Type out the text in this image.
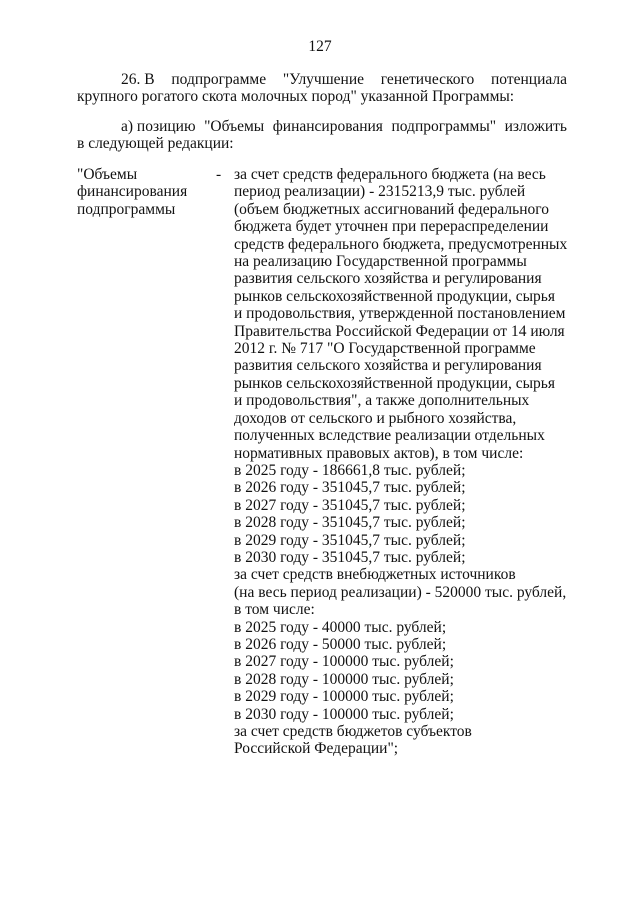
127
26. В подпрограмме "Улучшение генетического потенциала
крупного рогатого скота молочных пород" указанной Программы:
а) позицию "Объемы финансирования подпрограммы" изложить
в следующей редакции:
"Объемы
финансирования
подпрограммы
- за счет средств федерального бюджета (на весь
период реализации) - 2315213,9 тыс. рублей
(объем бюджетных ассигнований федерального
бюджета будет уточнен при перераспределении
средств федерального бюджета, предусмотренных
на реализацию Государственной программы
развития сельского хозяйства и регулирования
рынков сельскохозяйственной продукции, сырья
и продовольствия, утвержденной постановлением
Правительства Российской Федерации от 14 июля
2012 г. № 717 "О Государственной программе
развития сельского хозяйства и регулирования
рынков сельскохозяйственной продукции, сырья
и продовольствия", а также дополнительных
доходов от сельского и рыбного хозяйства,
полученных вследствие реализации отдельных
нормативных правовых актов), в том числе:
в 2025 году - 186661,8 тыс. рублей;
в 2026 году - 351045,7 тыс. рублей;
в 2027 году - 351045,7 тыс. рублей;
в 2028 году - 351045,7 тыс. рублей;
в 2029 году - 351045,7 тыс. рублей;
в 2030 году - 351045,7 тыс. рублей;
за счет средств внебюджетных источников
(на весь период реализации) - 520000 тыс. рублей,
в том числе:
в 2025 году - 40000 тыс. рублей;
в 2026 году - 50000 тыс. рублей;
в 2027 году - 100000 тыс. рублей;
в 2028 году - 100000 тыс. рублей;
в 2029 году - 100000 тыс. рублей;
в 2030 году - 100000 тыс. рублей;
за счет средств бюджетов субъектов
Российской Федерации";
